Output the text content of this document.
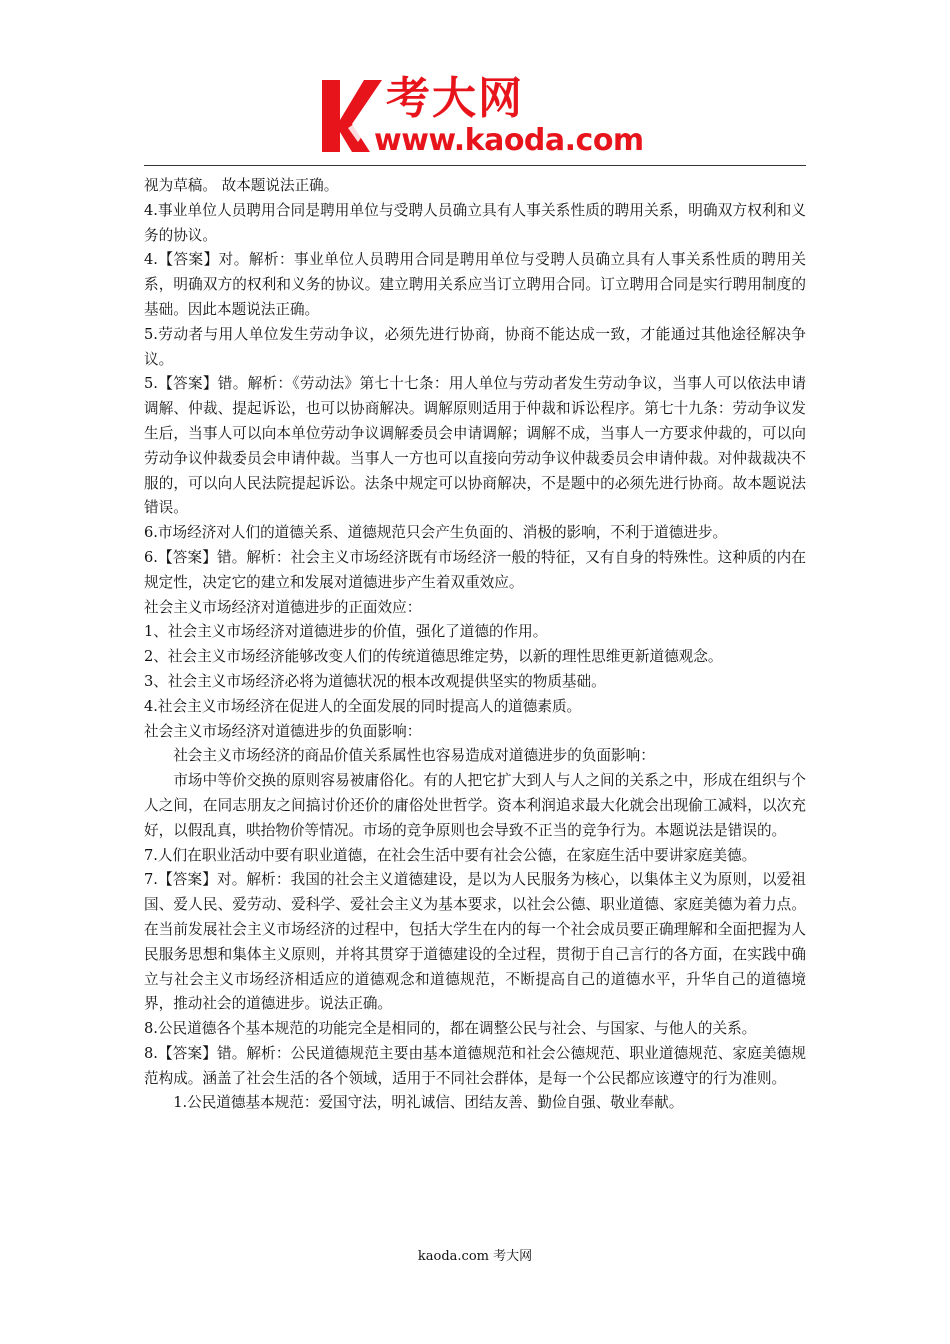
考大网
www.kaoda.com

视为草稿。 故本题说法正确。

4.事业单位人员聘用合同是聘用单位与受聘人员确立具有人事关系性质的聘用关系，明确双方权利和义务的协议。

4.【答案】对。解析：事业单位人员聘用合同是聘用单位与受聘人员确立具有人事关系性质的聘用关系，明确双方的权利和义务的协议。建立聘用关系应当订立聘用合同。订立聘用合同是实行聘用制度的基础。因此本题说法正确。

5.劳动者与用人单位发生劳动争议，必须先进行协商，协商不能达成一致，才能通过其他途径解决争议。

5.【答案】错。解析：《劳动法》第七十七条：用人单位与劳动者发生劳动争议，当事人可以依法申请调解、仲裁、提起诉讼，也可以协商解决。调解原则适用于仲裁和诉讼程序。第七十九条：劳动争议发生后，当事人可以向本单位劳动争议调解委员会申请调解；调解不成，当事人一方要求仲裁的，可以向劳动争议仲裁委员会申请仲裁。当事人一方也可以直接向劳动争议仲裁委员会申请仲裁。对仲裁裁决不服的，可以向人民法院提起诉讼。法条中规定可以协商解决，不是题中的必须先进行协商。故本题说法错误。

6.市场经济对人们的道德关系、道德规范只会产生负面的、消极的影响，不利于道德进步。

6.【答案】错。解析：社会主义市场经济既有市场经济一般的特征，又有自身的特殊性。这种质的内在规定性，决定它的建立和发展对道德进步产生着双重效应。

社会主义市场经济对道德进步的正面效应：

1、社会主义市场经济对道德进步的价值，强化了道德的作用。

2、社会主义市场经济能够改变人们的传统道德思维定势，以新的理性思维更新道德观念。

3、社会主义市场经济必将为道德状况的根本改观提供坚实的物质基础。

4.社会主义市场经济在促进人的全面发展的同时提高人的道德素质。

社会主义市场经济对道德进步的负面影响：

社会主义市场经济的商品价值关系属性也容易造成对道德进步的负面影响：

市场中等价交换的原则容易被庸俗化。有的人把它扩大到人与人之间的关系之中，形成在组织与个人之间，在同志朋友之间搞讨价还价的庸俗处世哲学。资本利润追求最大化就会出现偷工减料，以次充好，以假乱真，哄抬物价等情况。市场的竞争原则也会导致不正当的竞争行为。本题说法是错误的。

7.人们在职业活动中要有职业道德，在社会生活中要有社会公德，在家庭生活中要讲家庭美德。

7.【答案】对。解析：我国的社会主义道德建设，是以为人民服务为核心，以集体主义为原则，以爱祖国、爱人民、爱劳动、爱科学、爱社会主义为基本要求，以社会公德、职业道德、家庭美德为着力点。在当前发展社会主义市场经济的过程中，包括大学生在内的每一个社会成员要正确理解和全面把握为人民服务思想和集体主义原则，并将其贯穿于道德建设的全过程，贯彻于自己言行的各方面，在实践中确立与社会主义市场经济相适应的道德观念和道德规范，不断提高自己的道德水平，升华自己的道德境界，推动社会的道德进步。说法正确。

8.公民道德各个基本规范的功能完全是相同的，都在调整公民与社会、与国家、与他人的关系。

8.【答案】错。解析：公民道德规范主要由基本道德规范和社会公德规范、职业道德规范、家庭美德规范构成。涵盖了社会生活的各个领域，适用于不同社会群体，是每一个公民都应该遵守的行为准则。

1.公民道德基本规范：爱国守法，明礼诚信、团结友善、勤俭自强、敬业奉献。

kaoda.com 考大网
